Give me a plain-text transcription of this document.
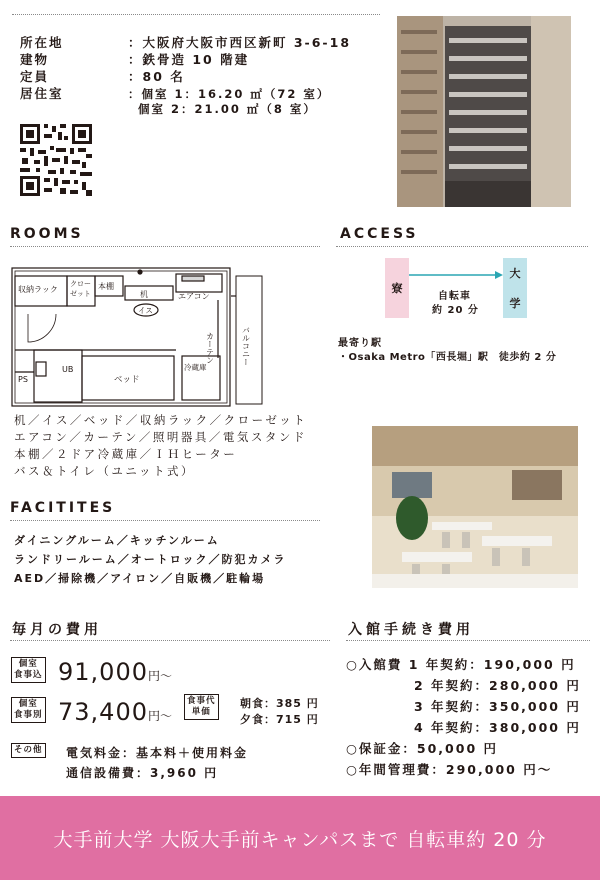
所在地	：大阪府大阪市西区新町 3-6-18
建物	：鉄骨造 10 階建
定員	：80 名
居住室	：個室 1：16.20 ㎡（72 室）
個室 2：21.00 ㎡（8 室）
ROOMS
収納ラック
クロー
ゼット
本棚
机
イス
エアコン
カーテン	バルコニー
PS
UB
ベッド
冷蔵庫
机／イス／ベッド／収納ラック／クローゼット
エアコン／カーテン／照明器具／電気スタンド
本棚／２ドア冷蔵庫／ＩＨヒーター
バス＆トイレ（ユニット式）
ACCESS
寮
大
学
自転車
約 20 分
最寄り駅
・Osaka Metro「西長堀」駅　徒歩約 2 分
FACITITES
ダイニングルーム／キッチンルーム
ランドリールーム／オートロック／防犯カメラ
AED／掃除機／アイロン／自販機／駐輪場
毎月の費用
個室
食事込 91,000円～
個室
食事別 73,400円～
食事代
単価
朝食：385 円
夕食：715 円
その他 電気料金：基本料＋使用料金
通信設備費：3,960 円
入館手続き費用
○入館費 1 年契約：190,000 円
2 年契約：280,000 円
3 年契約：350,000 円
4 年契約：380,000 円
○保証金：50,000 円
○年間管理費：290,000 円～
大手前大学 大阪大手前キャンパスまで 自転車約 20 分
